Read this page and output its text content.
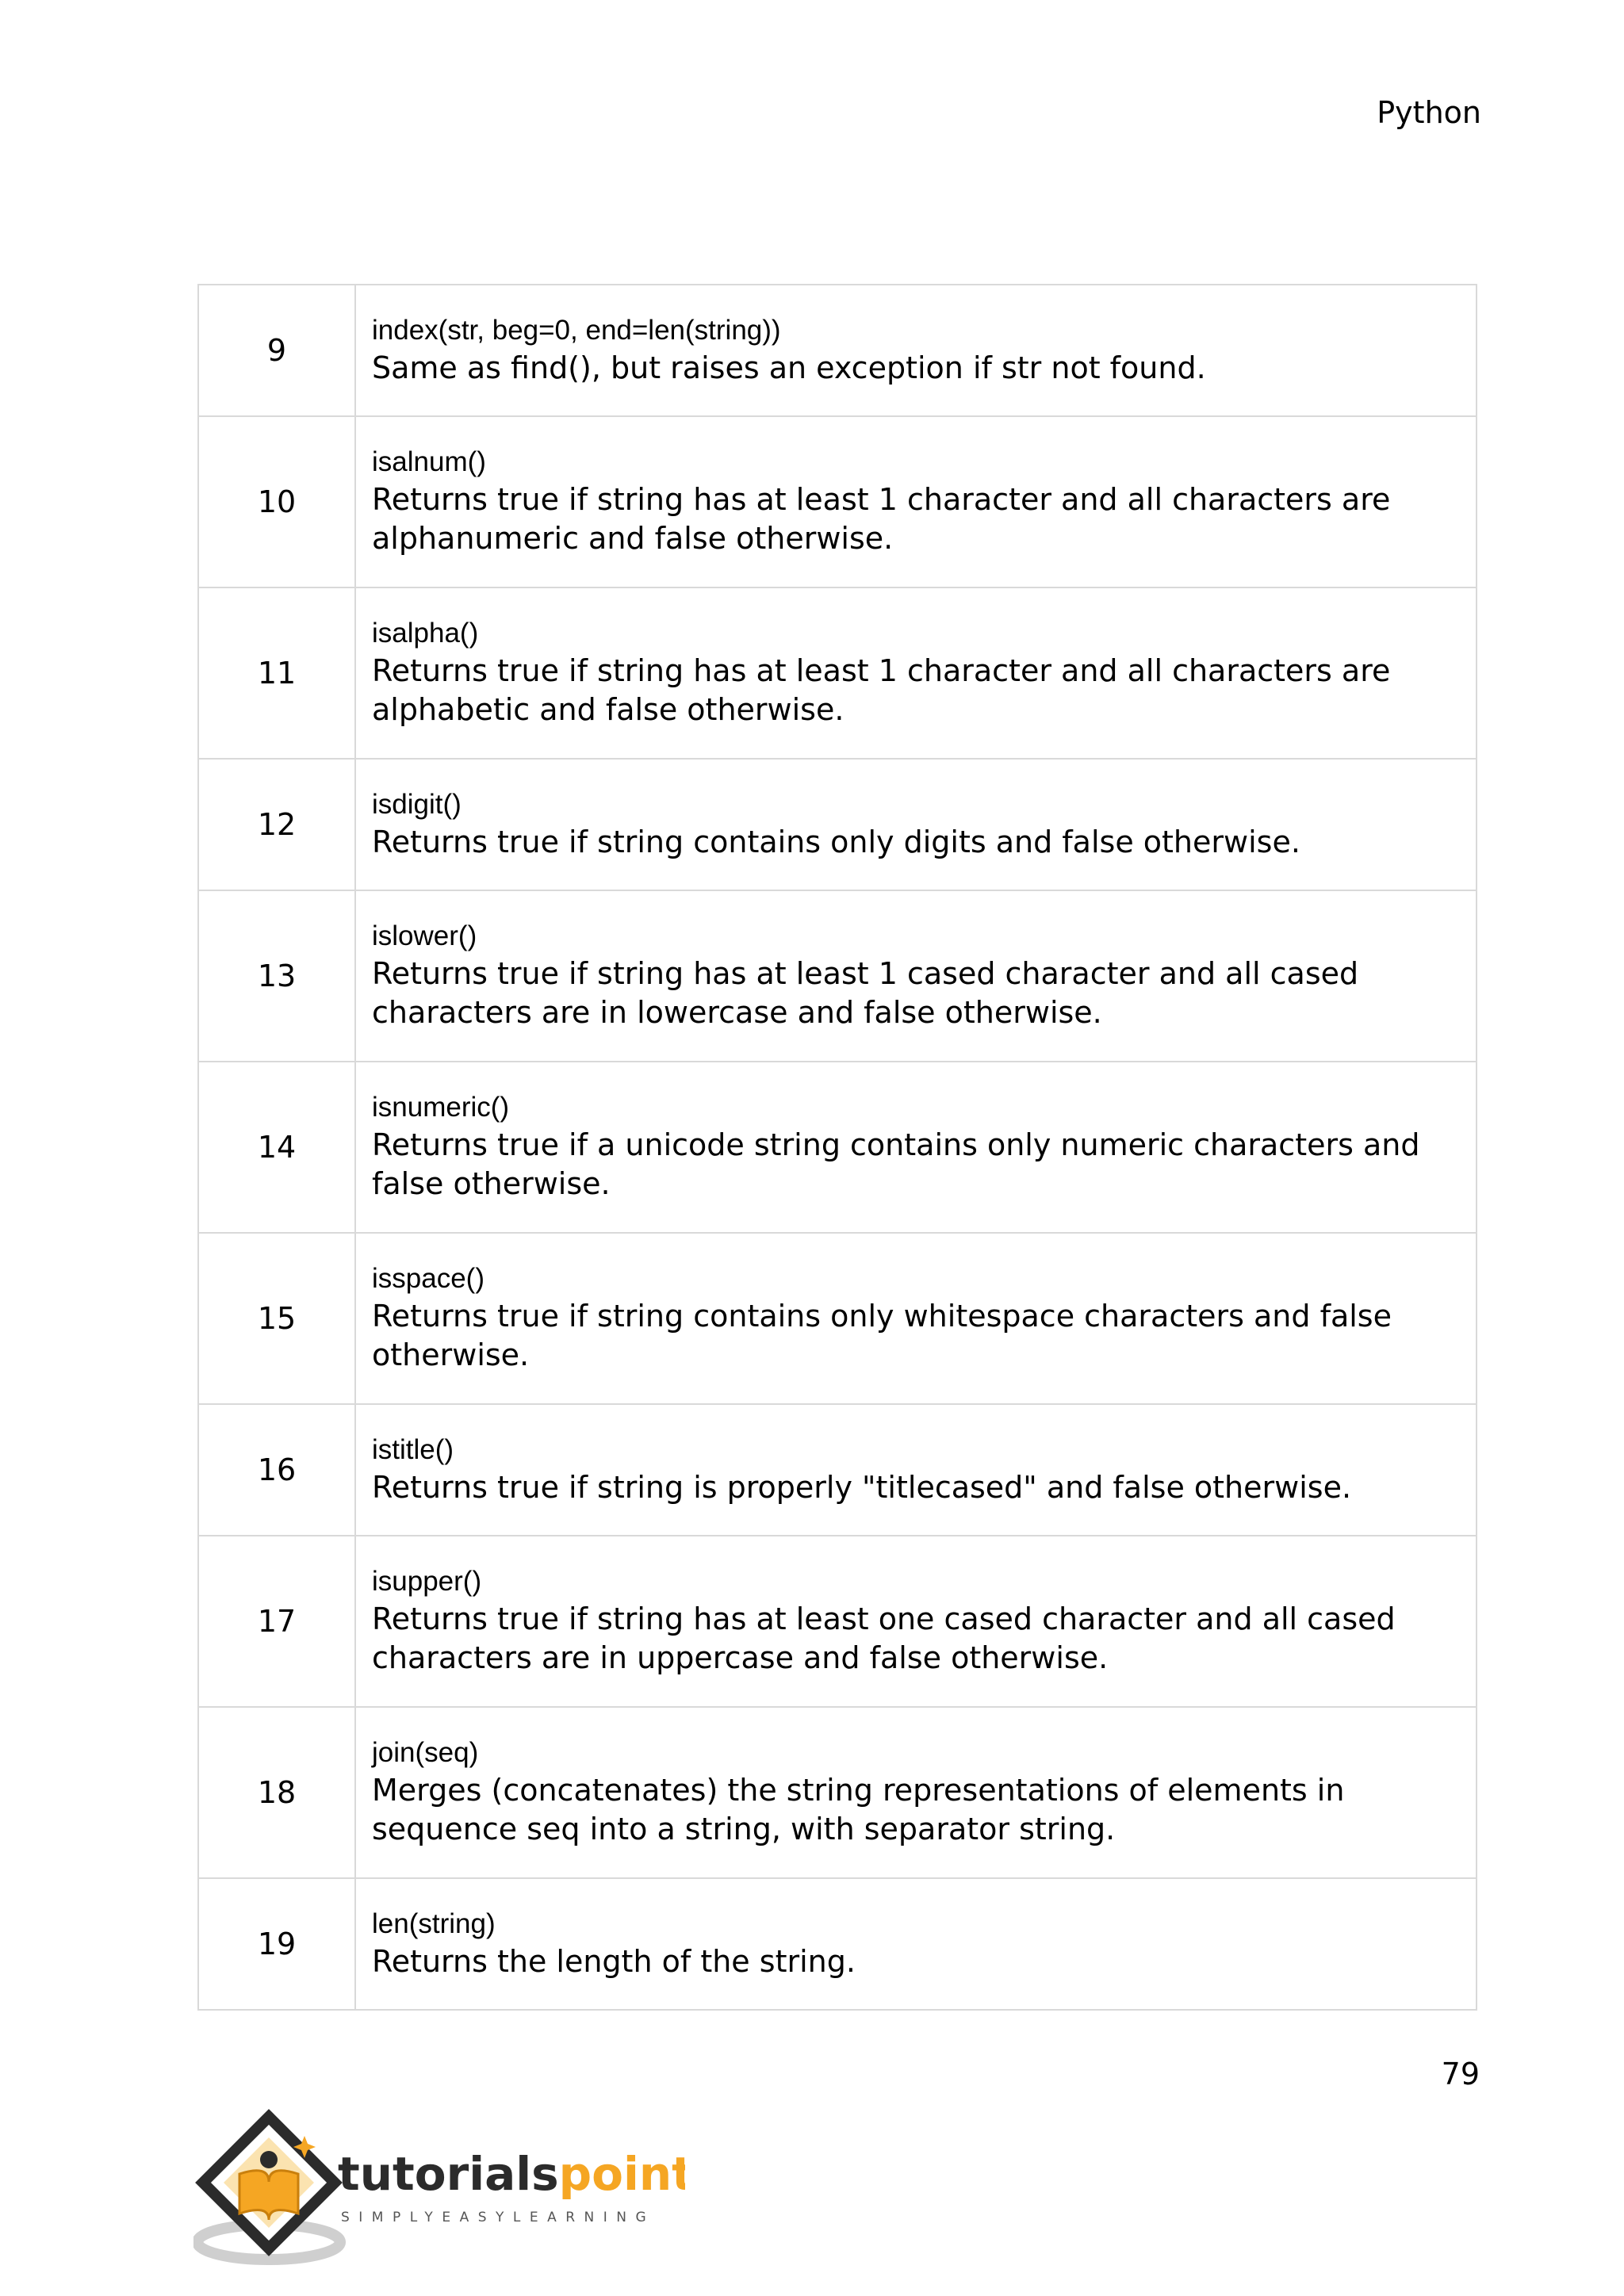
Python
9	index(str, beg=0, end=len(string))
Same as find(), but raises an exception if str not found.

10	isalnum()
Returns true if string has at least 1 character and all characters are alphanumeric and false otherwise.

11	isalpha()
Returns true if string has at least 1 character and all characters are alphabetic and false otherwise.

12	isdigit()
Returns true if string contains only digits and false otherwise.

13	islower()
Returns true if string has at least 1 cased character and all cased characters are in lowercase and false otherwise.

14	isnumeric()
Returns true if a unicode string contains only numeric characters and false otherwise.

15	isspace()
Returns true if string contains only whitespace characters and false otherwise.

16	istitle()
Returns true if string is properly "titlecased" and false otherwise.

17	isupper()
Returns true if string has at least one cased character and all cased characters are in uppercase and false otherwise.

18	join(seq)
Merges (concatenates) the string representations of elements in sequence seq into a string, with separator string.

19	len(string)
Returns the length of the string.
79
tutorialspoint
SIMPLYEASYLEARNING
